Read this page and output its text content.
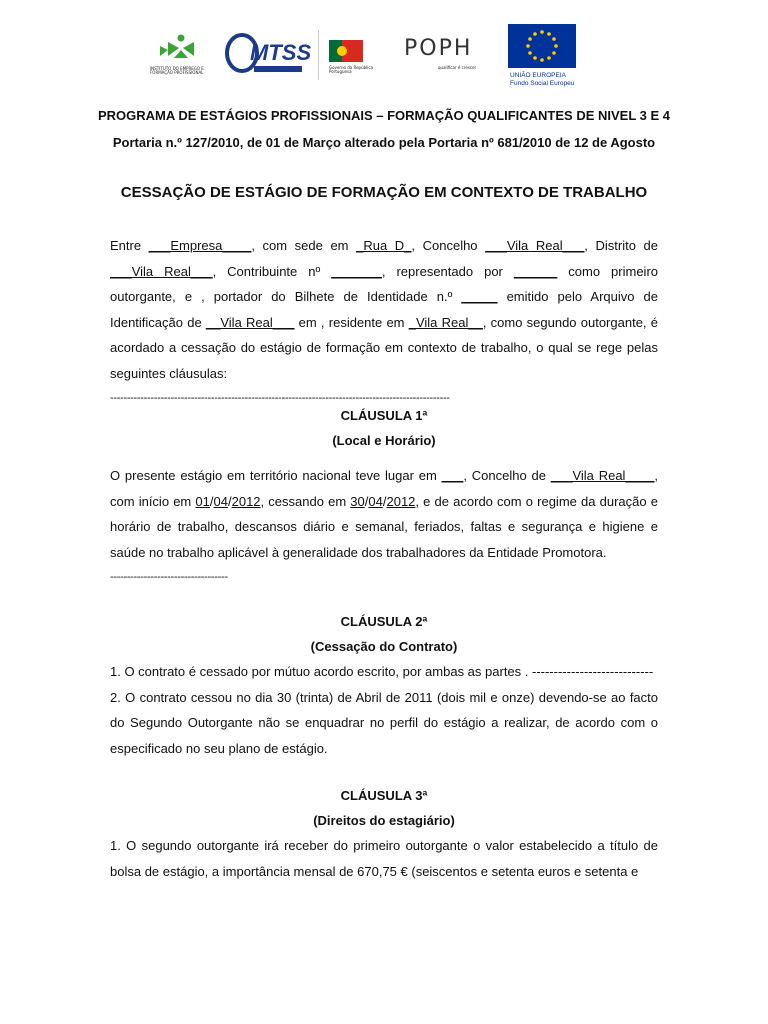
INSTITUTO DO EMPREGO E FORMAÇÃO PROFISSIONAL
MTSS
Governo da República Portuguesa
POPH
qualificar é crescer
UNIÃO EUROPEIA
Fundo Social Europeu
PROGRAMA DE ESTÁGIOS PROFISSIONAIS – FORMAÇÃO QUALIFICANTES DE NIVEL 3 E 4
Portaria n.º 127/2010, de 01 de Março alterado pela Portaria nº 681/2010 de 12 de Agosto
CESSAÇÃO DE ESTÁGIO DE FORMAÇÃO EM CONTEXTO DE TRABALHO
Entre ___Empresa____, com sede em _Rua D_, Concelho ___Vila Real___, Distrito de ___Vila Real___, Contribuinte nº _______, representado por ______ como primeiro outorgante, e , portador do Bilhete de Identidade n.º _____ emitido pelo Arquivo de Identificação de __Vila Real___ em , residente em _Vila Real__, como segundo outorgante, é acordado a cessação do estágio de formação em contexto de trabalho, o qual se rege pelas seguintes cláusulas:
-----------------------------------------------------------------------------------------------------
CLÁUSULA 1ª
(Local e Horário)
O presente estágio em território nacional teve lugar em ___, Concelho de ___Vila Real____, com início em 01/04/2012, cessando em 30/04/2012, e de acordo com o regime da duração e horário de trabalho, descansos diário e semanal, feriados, faltas e segurança e higiene e saúde no trabalho aplicável à generalidade dos trabalhadores da Entidade Promotora.
-----------------------------------
CLÁUSULA 2ª
(Cessação do Contrato)
1. O contrato é cessado por mútuo acordo escrito, por ambas as partes . ----------------------------
2. O contrato cessou no dia 30 (trinta) de Abril de 2011 (dois mil e onze) devendo-se ao facto do Segundo Outorgante não se enquadrar no perfil do estágio a realizar, de acordo com o especificado no seu plano de estágio.
CLÁUSULA 3ª
(Direitos do estagiário)
1. O segundo outorgante irá receber do primeiro outorgante o valor estabelecido a título de bolsa de estágio, a importância mensal de 670,75 € (seiscentos e setenta euros e setenta e
